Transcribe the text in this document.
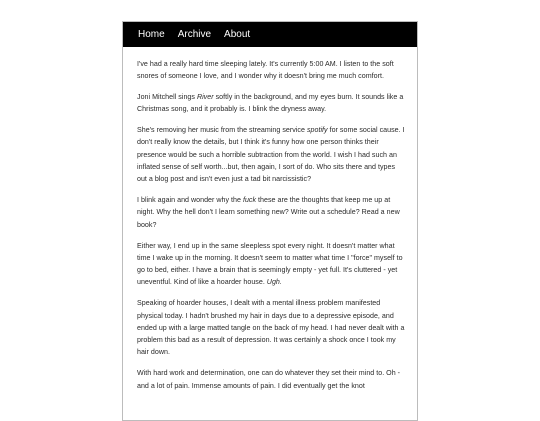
Home Archive About

I've had a really hard time sleeping lately. It's currently 5:00 AM. I listen to the soft snores of someone I love, and I wonder why it doesn't bring me much comfort.

Joni Mitchell sings River softly in the background, and my eyes burn. It sounds like a Christmas song, and it probably is. I blink the dryness away.

She's removing her music from the streaming service spotify for some social cause. I don't really know the details, but I think it's funny how one person thinks their presence would be such a horrible subtraction from the world. I wish I had such an inflated sense of self worth...but, then again, I sort of do. Who sits there and types out a blog post and isn't even just a tad bit narcissistic?

I blink again and wonder why the fuck these are the thoughts that keep me up at night. Why the hell don't I learn something new? Write out a schedule? Read a new book?

Either way, I end up in the same sleepless spot every night. It doesn't matter what time I wake up in the morning. It doesn't seem to matter what time I "force" myself to go to bed, either. I have a brain that is seemingly empty - yet full. It's cluttered - yet uneventful. Kind of like a hoarder house. Ugh.

Speaking of hoarder houses, I dealt with a mental illness problem manifested physical today. I hadn't brushed my hair in days due to a depressive episode, and ended up with a large matted tangle on the back of my head. I had never dealt with a problem this bad as a result of depression. It was certainly a shock once I took my hair down.

With hard work and determination, one can do whatever they set their mind to. Oh - and a lot of pain. Immense amounts of pain. I did eventually get the knot
